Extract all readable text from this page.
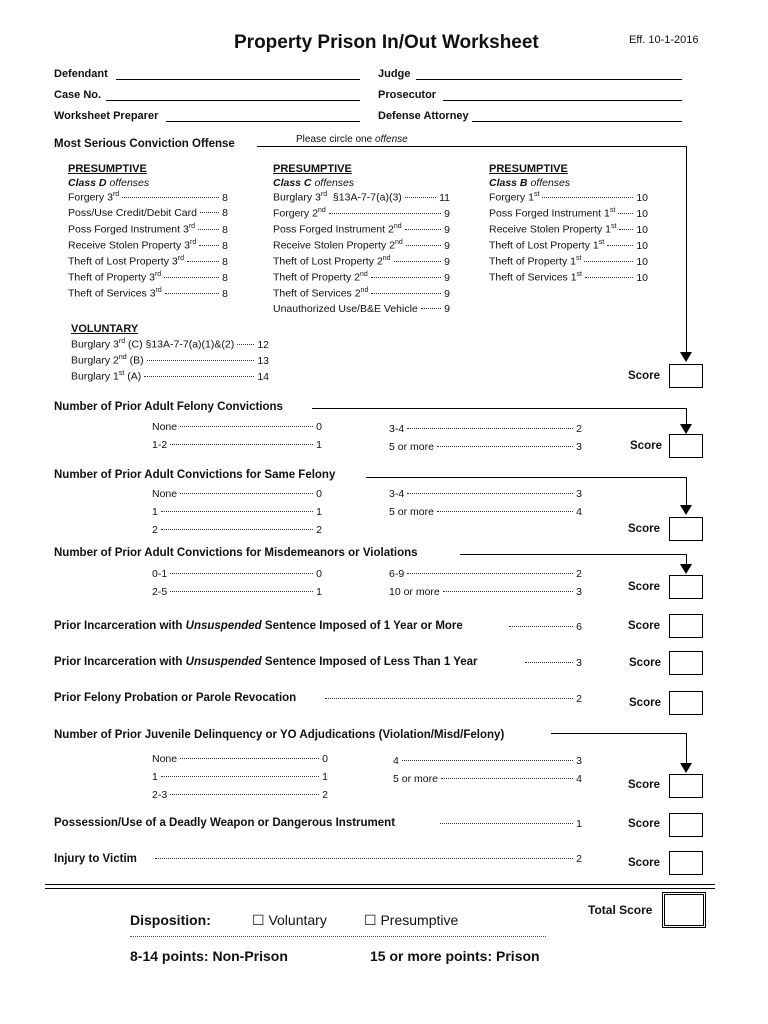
Property Prison In/Out Worksheet	Eff. 10-1-2016
Defendant	Judge
Case No.	Prosecutor
Worksheet Preparer	Defense Attorney
Most Serious Conviction Offense	Please circle one offense
PRESUMPTIVE
Class D offenses
Forgery 3rd	8
Poss/Use Credit/Debit Card 8
Poss Forged Instrument 3rd	8
Receive Stolen Property 3rd 8
Theft of Lost Property 3rd	8
Theft of Property 3rd	8
Theft of Services 3rd	8
PRESUMPTIVE
Class C offenses
Burglary 3rd  §13A-7-7(a)(3)	11
Forgery 2nd	9
Poss Forged Instrument 2nd	9
Receive Stolen Property 2nd	9
Theft of Lost Property 2nd	9
Theft of Property 2nd	9
Theft of Services 2nd	9
Unauthorized Use/B&E Vehicle	9
PRESUMPTIVE
Class B offenses
Forgery 1st	10
Poss Forged Instrument 1st 10
Receive Stolen Property 1st 10
Theft of Lost Property 1st	10
Theft of Property 1st	10
Theft of Services 1st	10
VOLUNTARY
Burglary 3rd (C) §13A-7-7(a)(1)&(2) 12
Burglary 2nd (B)	13
Burglary 1st (A)	14	Score
Number of Prior Adult Felony Convictions
None	0
1-2	1
3-4	2
5 or more	3	Score
Number of Prior Adult Convictions for Same Felony
None	0
1	1
2	2
3-4	3
5 or more	4
Score
Number of Prior Adult Convictions for Misdemeanors or Violations
0-1	0
2-5	1
6-9	2
10 or more	3	Score
Prior Incarceration with Unsuspended Sentence Imposed of 1 Year or More	6	Score
Prior Incarceration with Unsuspended Sentence Imposed of Less Than 1 Year	3	Score
Prior Felony Probation or Parole Revocation	2	Score
Number of Prior Juvenile Delinquency or YO Adjudications (Violation/Misd/Felony)
None	0
1	1
2-3	2
4	3
5 or more	4	Score
Possession/Use of a Deadly Weapon or Dangerous Instrument	1	Score
Injury to Victim	2	Score
Total Score
Disposition:	☐ Voluntary	☐ Presumptive
8-14 points: Non-Prison	15 or more points: Prison
